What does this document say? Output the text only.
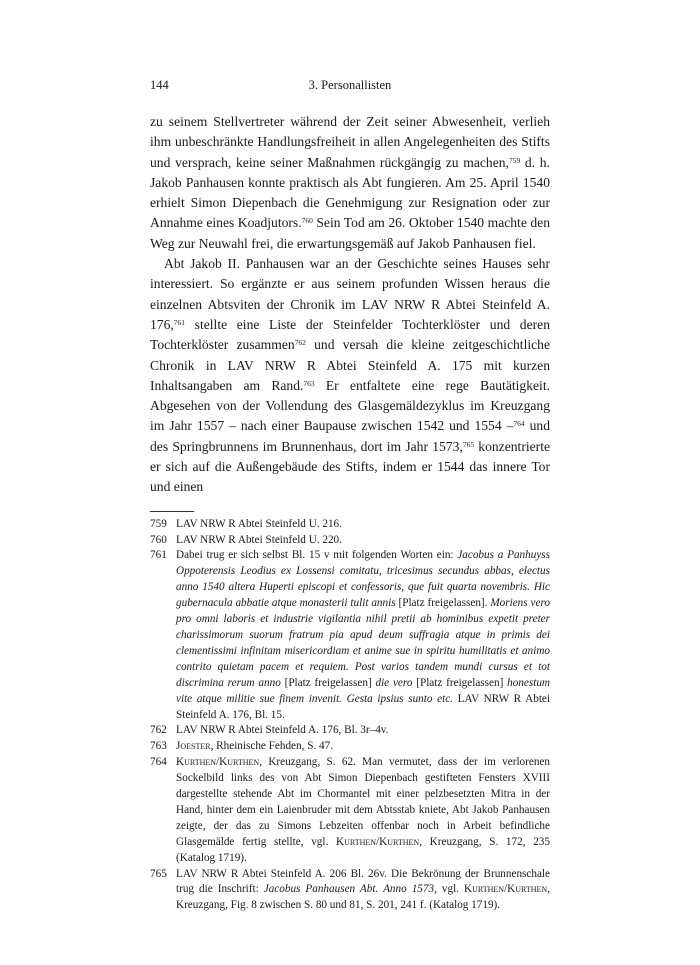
144	3. Personallisten

zu seinem Stellvertreter während der Zeit seiner Abwesenheit, verlieh ihm unbeschränkte Handlungsfreiheit in allen Angelegenheiten des Stifts und versprach, keine seiner Maßnahmen rückgängig zu machen,$^{759}$ d. h. Jakob Panhausen konnte praktisch als Abt fungieren. Am 25. April 1540 erhielt Simon Diepenbach die Genehmigung zur Resignation oder zur Annahme eines Koadjutors.$^{760}$ Sein Tod am 26. Oktober 1540 machte den Weg zur Neuwahl frei, die erwartungsgemäß auf Jakob Panhausen fiel.

Abt Jakob II. Panhausen war an der Geschichte seines Hauses sehr interessiert. So ergänzte er aus seinem profunden Wissen heraus die einzelnen Abtsviten der Chronik im LAV NRW R Abtei Steinfeld A. 176,$^{761}$ stellte eine Liste der Steinfelder Tochterklöster und deren Tochterklöster zusammen$^{762}$ und versah die kleine zeitgeschichtliche Chronik in LAV NRW R Abtei Steinfeld A. 175 mit kurzen Inhaltsangaben am Rand.$^{763}$ Er entfaltete eine rege Bautätigkeit. Abgesehen von der Vollendung des Glasgemäldezyklus im Kreuzgang im Jahr 1557 – nach einer Baupause zwischen 1542 und 1554 –$^{764}$ und des Springbrunnens im Brunnenhaus, dort im Jahr 1573,$^{765}$ konzentrierte er sich auf die Außengebäude des Stifts, indem er 1544 das innere Tor und einen

759 LAV NRW R Abtei Steinfeld U. 216.
760 LAV NRW R Abtei Steinfeld U. 220.
761 Dabei trug er sich selbst Bl. 15 v mit folgenden Worten ein: Jacobus a Panhuyss Oppoterensis Leodius ex Lossensi comitatu, tricesimus secundus abbas, electus anno 1540 altera Huperti episcopi et confessoris, que fuit quarta novembris. Hic gubernacula abbatie atque monasterii tulit annis [Platz freigelassen]. Moriens vero pro omni laboris et industrie vigilantia nihil pretii ab hominibus expetit preter charissimorum suorum fratrum pia apud deum suffragia atque in primis dei clementissimi infinitam misericordiam et anime sue in spiritu humilitatis et animo contrito quietam pacem et requiem. Post varios tandem mundi cursus et tot discrimina rerum anno [Platz freigelassen] die vero [Platz freigelassen] honestum vite atque militie sue finem invenit. Gesta ipsius sunto etc. LAV NRW R Abtei Steinfeld A. 176, Bl. 15.
762 LAV NRW R Abtei Steinfeld A. 176, Bl. 3r–4v.
763 Joester, Rheinische Fehden, S. 47.
764 Kurthen/Kurthen, Kreuzgang, S. 62. Man vermutet, dass der im verlorenen Sockelbild links des von Abt Simon Diepenbach gestifteten Fensters XVIII dargestellte stehende Abt im Chormantel mit einer pelzbesetzten Mitra in der Hand, hinter dem ein Laienbruder mit dem Abtsstab kniete, Abt Jakob Panhausen zeigte, der das zu Simons Lebzeiten offenbar noch in Arbeit befindliche Glasgemälde fertig stellte, vgl. Kurthen/Kurthen, Kreuzgang, S. 172, 235 (Katalog 1719).
765 LAV NRW R Abtei Steinfeld A. 206 Bl. 26v. Die Bekrönung der Brunnenschale trug die Inschrift: Jacobus Panhausen Abt. Anno 1573, vgl. Kurthen/Kurthen, Kreuzgang, Fig. 8 zwischen S. 80 und 81, S. 201, 241 f. (Katalog 1719).
